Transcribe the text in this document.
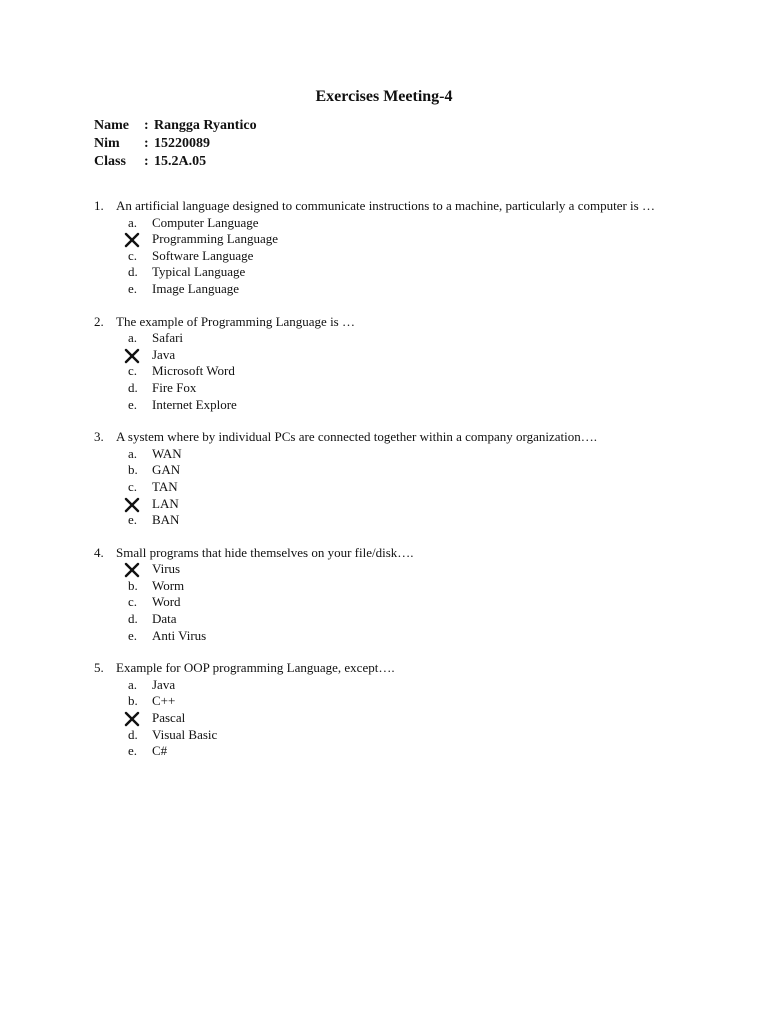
Exercises Meeting-4
Name : Rangga Ryantico
Nim : 15220089
Class : 15.2A.05
1. An artificial language designed to communicate instructions to a machine, particularly a computer is …
a. Computer Language
Programming Language
c. Software Language
d. Typical Language
e. Image Language
2. The example of Programming Language is …
a. Safari
Java
c. Microsoft Word
d. Fire Fox
e. Internet Explore
3. A system where by individual PCs are connected together within a company organization….
a. WAN
b. GAN
c. TAN
LAN
e. BAN
4. Small programs that hide themselves on your file/disk….
Virus
b. Worm
c. Word
d. Data
e. Anti Virus
5. Example for OOP programming Language, except….
a. Java
b. C++
Pascal
d. Visual Basic
e. C#
